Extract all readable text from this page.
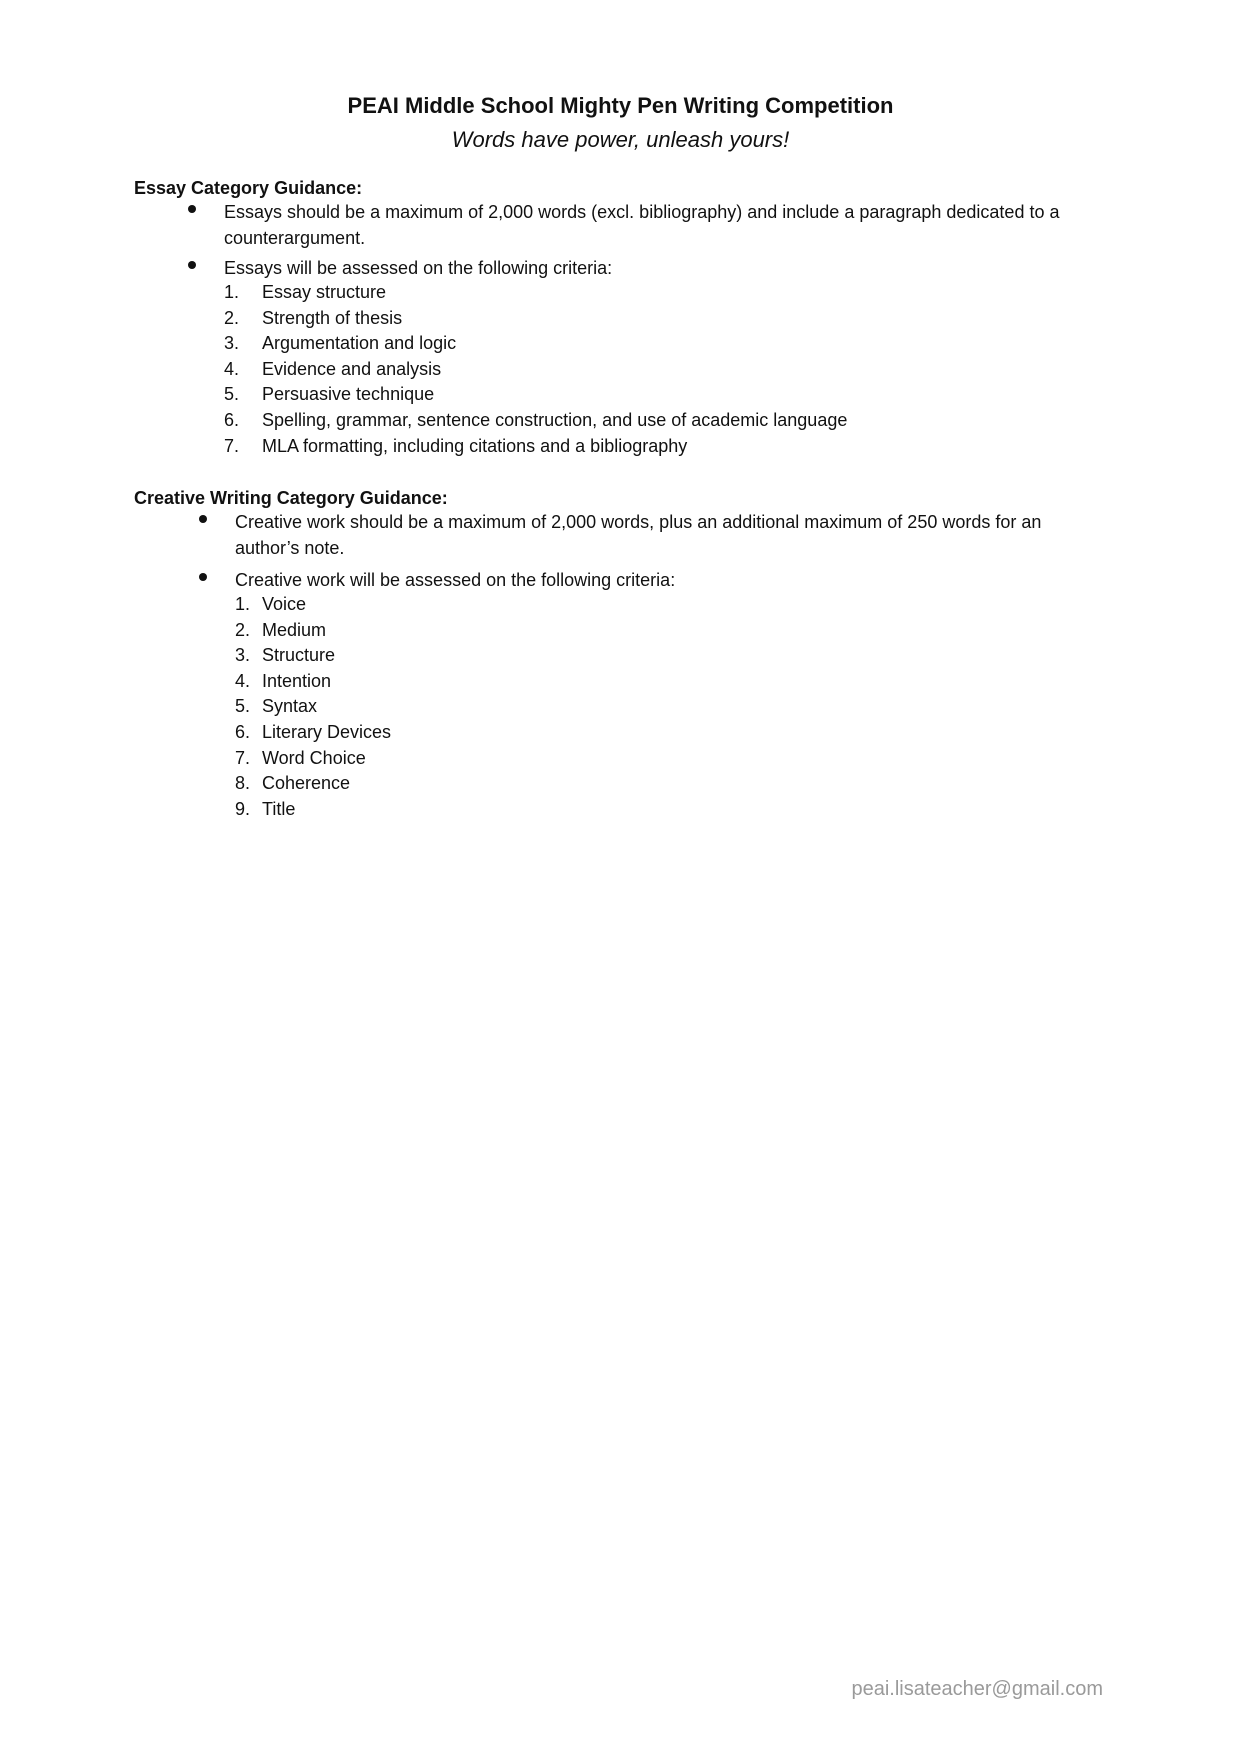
PEAI Middle School Mighty Pen Writing Competition
Words have power, unleash yours!
Essay Category Guidance:
Essays should be a maximum of 2,000 words (excl. bibliography) and include a paragraph dedicated to a counterargument.
Essays will be assessed on the following criteria:
1. Essay structure
2. Strength of thesis
3. Argumentation and logic
4. Evidence and analysis
5. Persuasive technique
6. Spelling, grammar, sentence construction, and use of academic language
7. MLA formatting, including citations and a bibliography
Creative Writing Category Guidance:
Creative work should be a maximum of 2,000 words, plus an additional maximum of 250 words for an author’s note.
Creative work will be assessed on the following criteria:
1. Voice
2. Medium
3. Structure
4. Intention
5. Syntax
6. Literary Devices
7. Word Choice
8. Coherence
9. Title
peai.lisateacher@gmail.com
